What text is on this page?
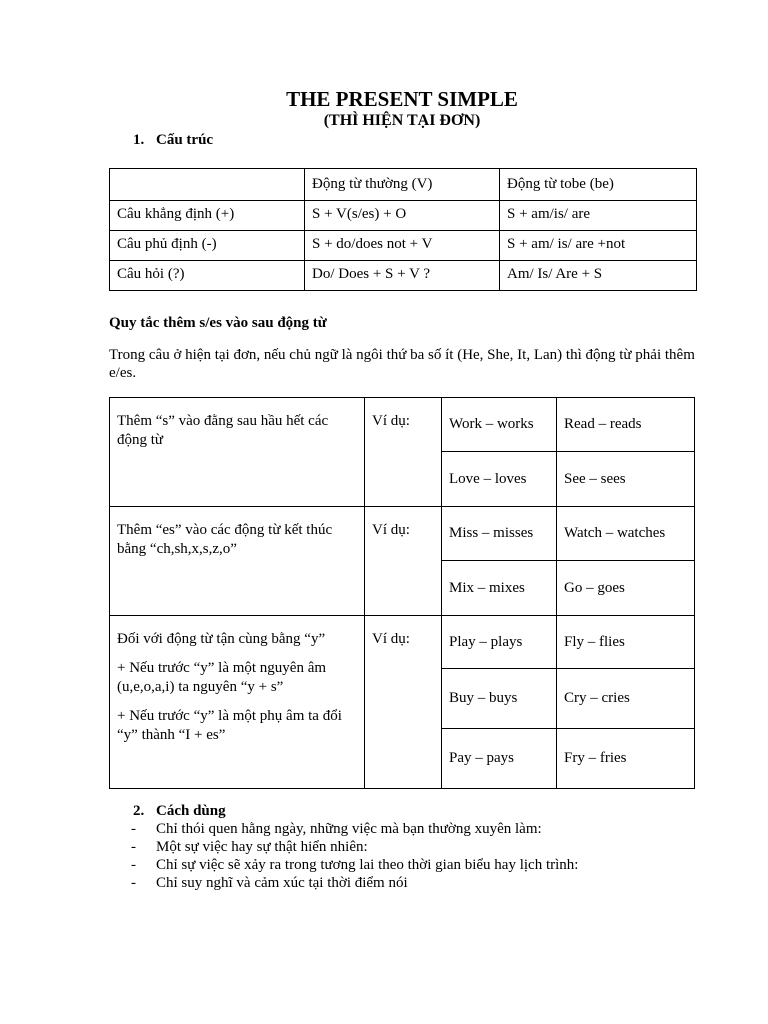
THE PRESENT SIMPLE
(THÌ HIỆN TẠI ĐƠN)
1. Cấu trúc
	Động từ thường (V)	Động từ tobe (be)
Câu khẳng định (+)	S + V(s/es) + O	S + am/is/ are
Câu phủ định (-)	S + do/does not + V	S + am/ is/ are +not
Câu hỏi (?)	Do/ Does + S + V ?	Am/ Is/ Are + S
Quy tắc thêm s/es vào sau động từ
Trong câu ở hiện tại đơn, nếu chủ ngữ là ngôi thứ ba số ít (He, She, It, Lan) thì động từ phải thêm e/es.

Thêm “s” vào đằng sau hầu hết các động từ	Ví dụ:	Work – works	Read – reads
		Love – loves	See – sees

Thêm “es” vào các động từ kết thúc bằng “ch,sh,x,s,z,o”	Ví dụ:	Miss – misses	Watch – watches
		Mix – mixes	Go – goes

Đối với động từ tận cùng bằng “y”

+ Nếu trước “y” là một nguyên âm (u,e,o,a,i) ta nguyên “y + s”

+ Nếu trước “y” là một phụ âm ta đổi “y” thành “I + es”	Ví dụ:	Play – plays	Fly – flies
		Buy – buys	Cry – cries
		Pay – pays	Fry – fries
2. Cách dùng
- Chỉ thói quen hằng ngày, những việc mà bạn thường xuyên làm:
- Một sự việc hay sự thật hiển nhiên:
- Chỉ sự việc sẽ xảy ra trong tương lai theo thời gian biểu hay lịch trình:
- Chỉ suy nghĩ và cảm xúc tại thời điểm nói
